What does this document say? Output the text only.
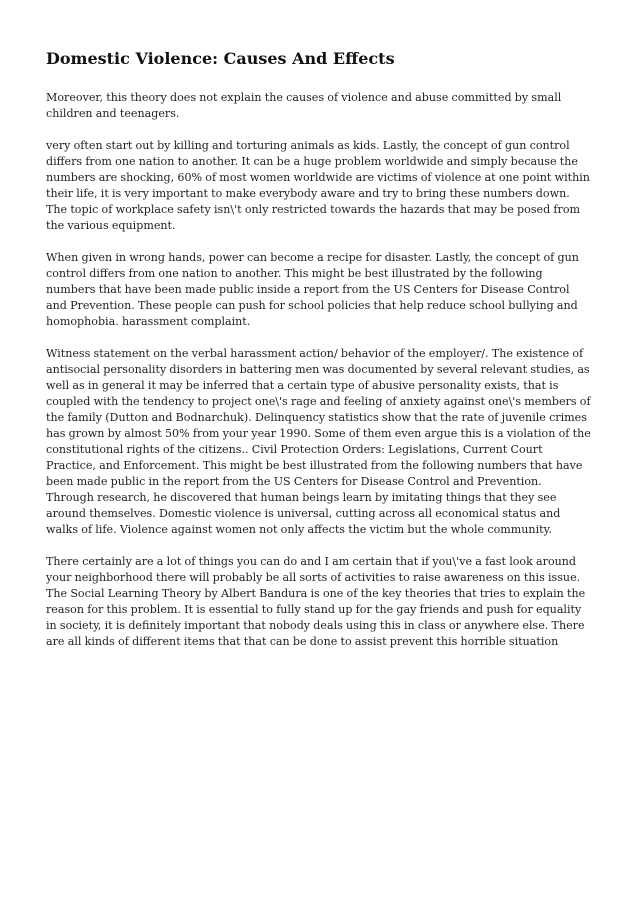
Domestic Violence: Causes And Effects

Moreover, this theory does not explain the causes of violence and abuse committed by small children and teenagers.

very often start out by killing and torturing animals as kids. Lastly, the concept of gun control differs from one nation to another. It can be a huge problem worldwide and simply because the numbers are shocking, 60% of most women worldwide are victims of violence at one point within their life, it is very important to make everybody aware and try to bring these numbers down. The topic of workplace safety isn\'t only restricted towards the hazards that may be posed from the various equipment.

When given in wrong hands, power can become a recipe for disaster. Lastly, the concept of gun control differs from one nation to another. This might be best illustrated by the following numbers that have been made public inside a report from the US Centers for Disease Control and Prevention. These people can push for school policies that help reduce school bullying and homophobia. harassment complaint.

Witness statement on the verbal harassment action/ behavior of the employer/. The existence of antisocial personality disorders in battering men was documented by several relevant studies, as well as in general it may be inferred that a certain type of abusive personality exists, that is coupled with the tendency to project one\'s rage and feeling of anxiety against one\'s members of the family (Dutton and Bodnarchuk). Delinquency statistics show that the rate of juvenile crimes has grown by almost 50% from your year 1990. Some of them even argue this is a violation of the constitutional rights of the citizens.. Civil Protection Orders: Legislations, Current Court Practice, and Enforcement. This might be best illustrated from the following numbers that have been made public in the report from the US Centers for Disease Control and Prevention. Through research, he discovered that human beings learn by imitating things that they see around themselves. Domestic violence is universal, cutting across all economical status and walks of life. Violence against women not only affects the victim but the whole community.

There certainly are a lot of things you can do and I am certain that if you\'ve a fast look around your neighborhood there will probably be all sorts of activities to raise awareness on this issue. The Social Learning Theory by Albert Bandura is one of the key theories that tries to explain the reason for this problem. It is essential to fully stand up for the gay friends and push for equality in society, it is definitely important that nobody deals using this in class or anywhere else. There are all kinds of different items that that can be done to assist prevent this horrible situation
